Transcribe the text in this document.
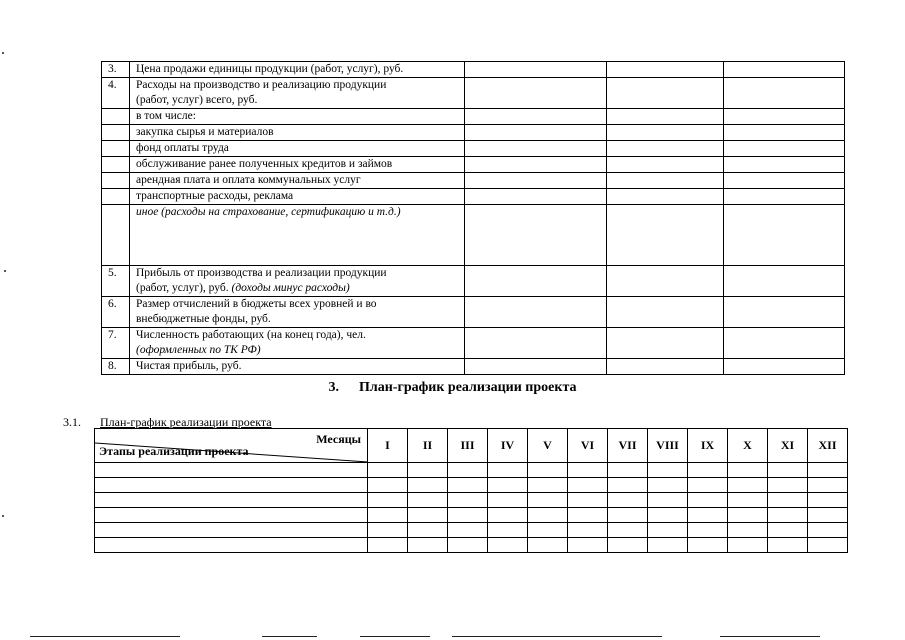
3.	Цена продажи единицы продукции (работ, услуг), руб.			
4.	Расходы на производство и реализацию продукции
(работ, услуг) всего, руб.			
	в том числе:			
	закупка сырья и материалов			
	фонд оплаты труда			
	обслуживание ранее полученных кредитов и займов			
	арендная плата и оплата коммунальных услуг			
	транспортные расходы, реклама			
	иное (расходы на страхование, сертификацию и т.д.)			
5.	Прибыль от производства и реализации продукции
(работ, услуг), руб. (доходы минус расходы)			
6.	Размер отчислений в бюджеты всех уровней и во
внебюджетные фонды, руб.			
7.	Численность работающих (на конец года), чел.
(оформленных по ТК РФ)			
8.	Чистая прибыль, руб.			
3. План-график реализации проекта
3.1. План-график реализации проекта
Месяцы
Этапы реализации проекта	I	II	III	IV	V	VI	VII	VIII	IX	X	XI	XII
